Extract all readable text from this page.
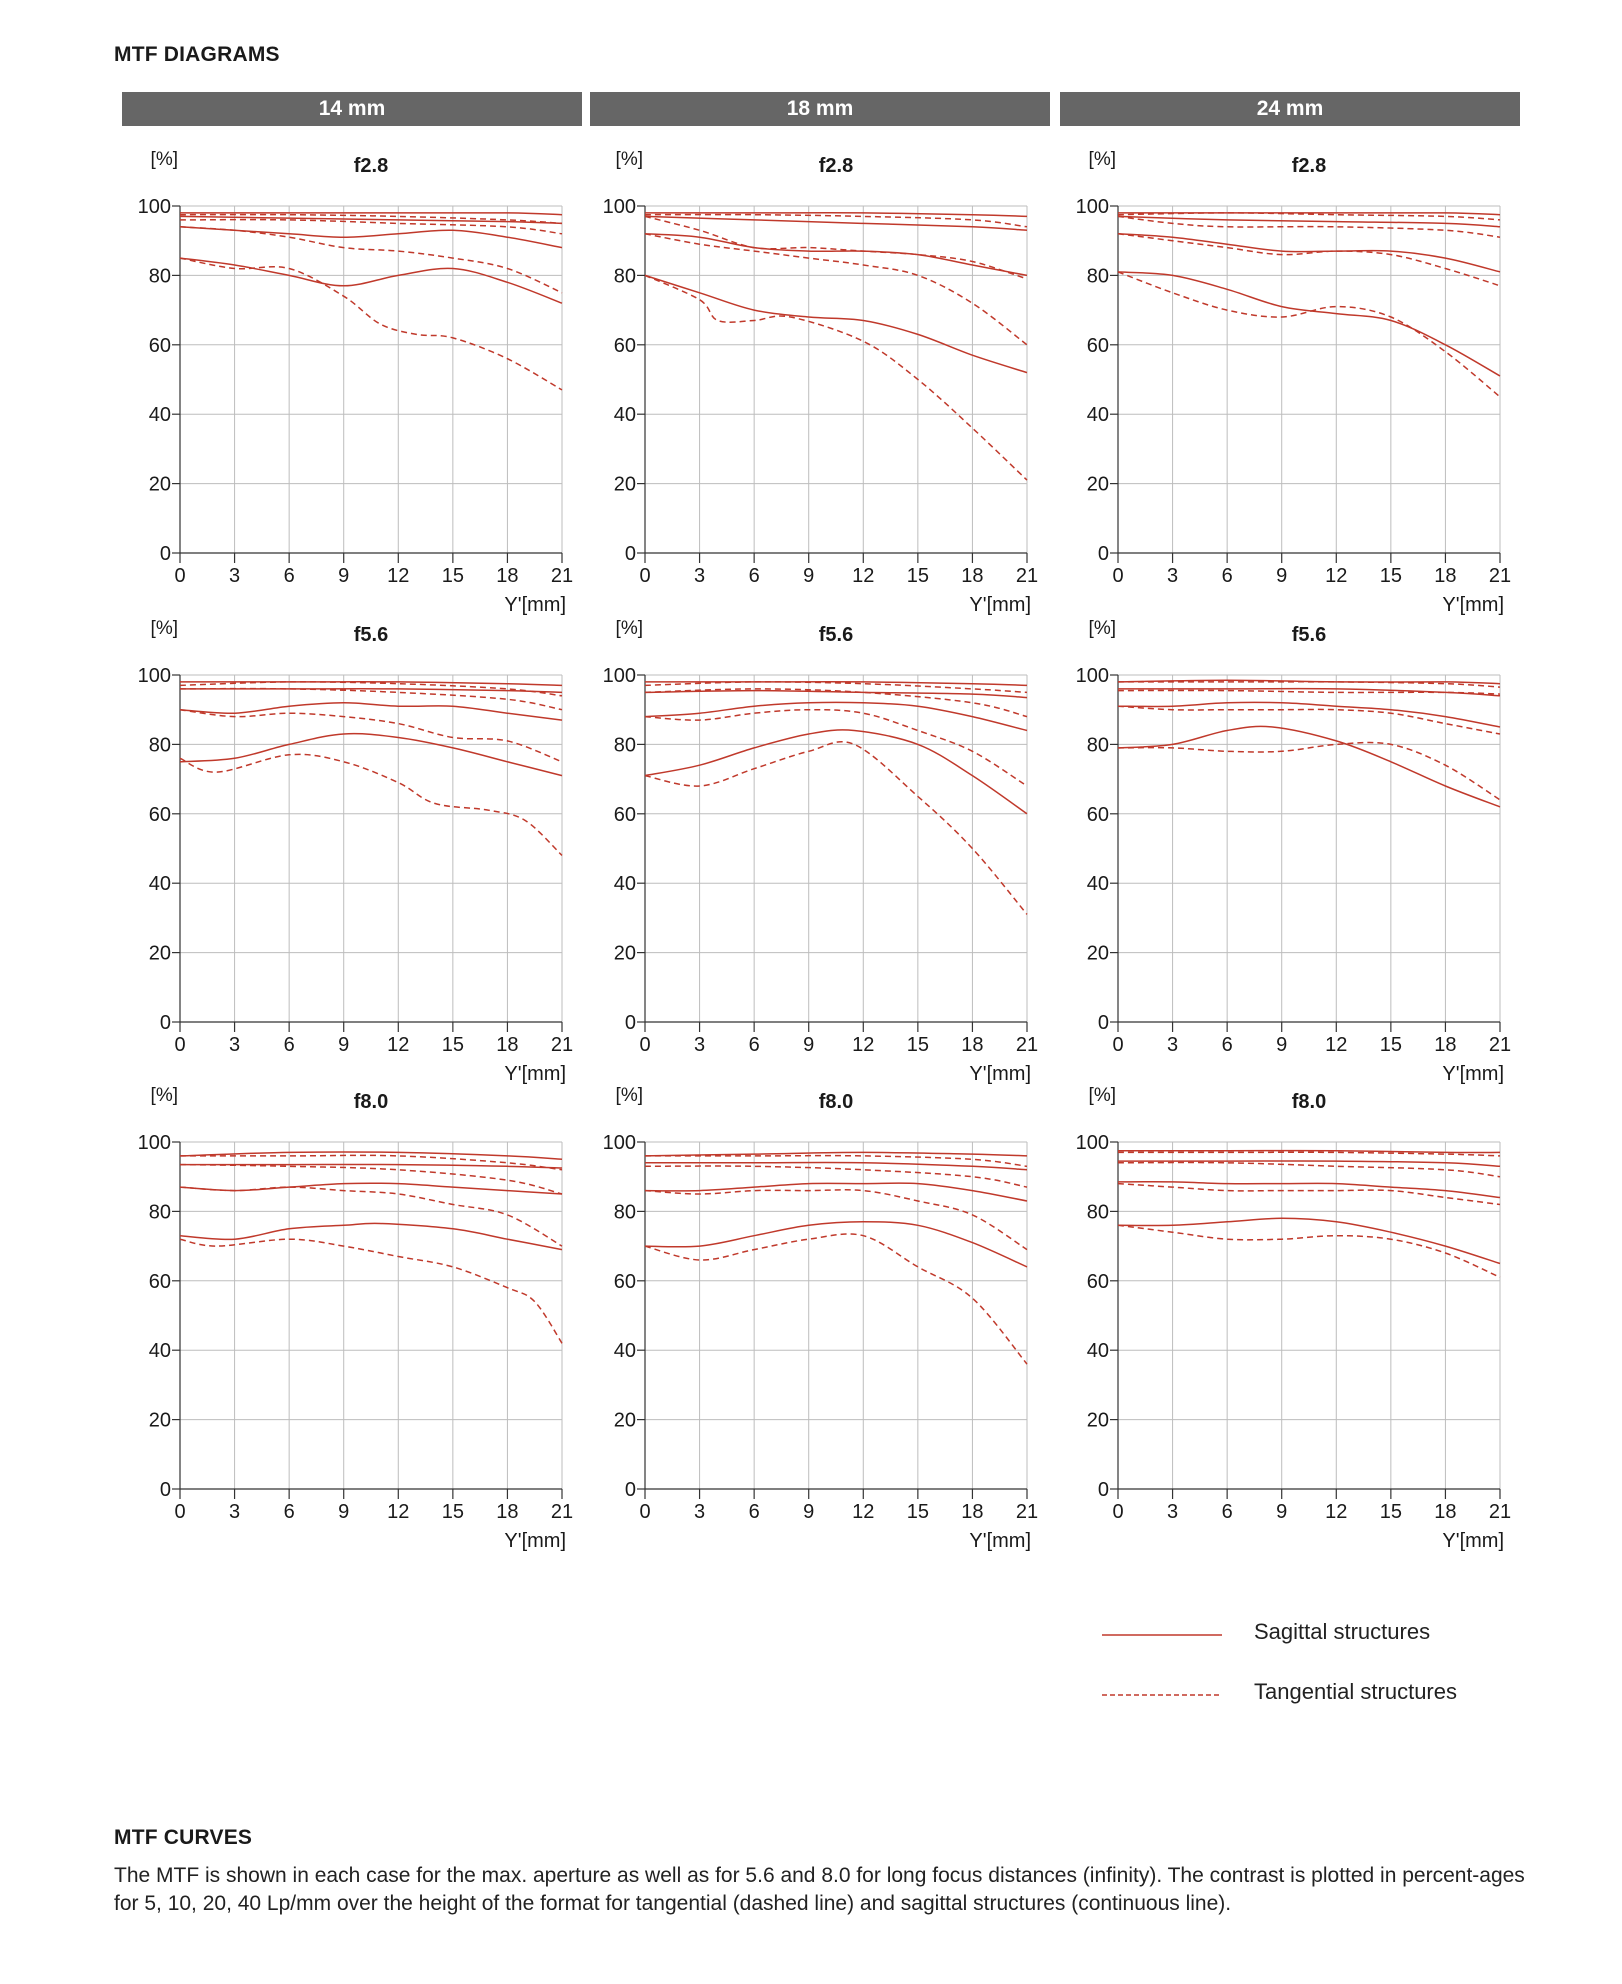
MTF DIAGRAMS
14 mm	18 mm	24 mm
0
20
40
60
80
100
0 3 6 9 12 15 18 21
f2.8
[%]
Y'[mm]
0
20
40
60
80
100
0 3 6 9 12 15 18 21
f2.8
[%]
Y'[mm]
0
20
40
60
80
100
0 3 6 9 12 15 18 21
f2.8
[%]
Y'[mm]
0
20
40
60
80
100
0 3 6 9 12 15 18 21
f5.6
[%]
Y'[mm]
0
20
40
60
80
100
0 3 6 9 12 15 18 21
f5.6
[%]
Y'[mm]
0
20
40
60
80
100
0 3 6 9 12 15 18 21
f5.6
[%]
Y'[mm]
0
20
40
60
80
100
0 3 6 9 12 15 18 21
f8.0
[%]
Y'[mm]
0
20
40
60
80
100
0 3 6 9 12 15 18 21
f8.0
[%]
Y'[mm]
0
20
40
60
80
100
0 3 6 9 12 15 18 21
f8.0
[%]
Y'[mm]
Sagittal structures
Tangential structures
MTF CURVES
The MTF is shown in each case for the max. aperture as well as for 5.6 and 8.0 for long focus distances (infinity). The contrast is plotted in percent-ages for 5, 10, 20, 40 Lp/mm over the height of the format for tangential (dashed line) and sagittal structures (continuous line).
